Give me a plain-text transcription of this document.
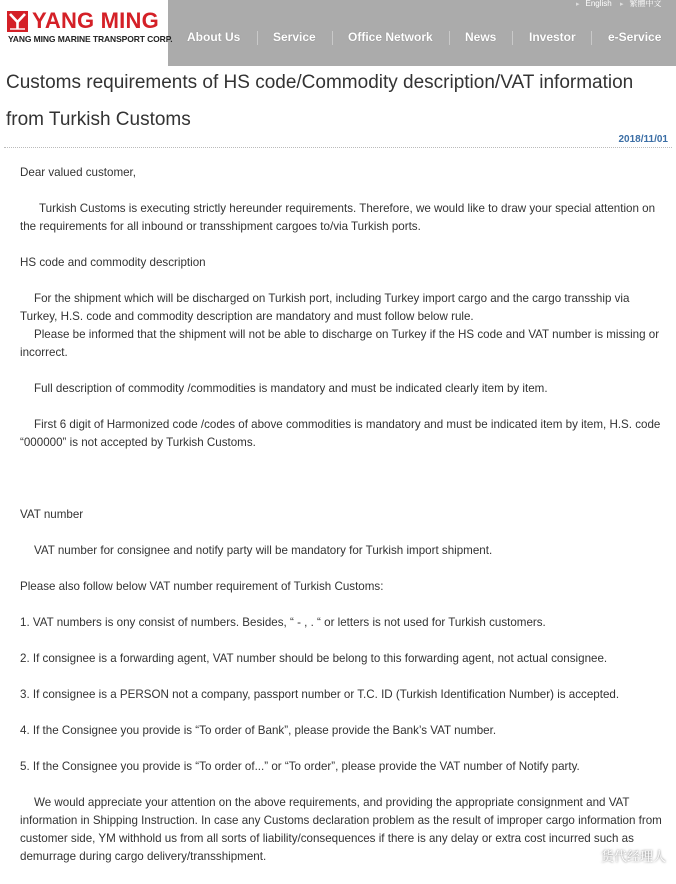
YANG MING
YANG MING MARINE TRANSPORT CORP.
▸ English ▸ 繁體中文
About Us	Service	Office Network	News	Investor	e-Service
Customs requirements of HS code/Commodity description/VAT information from Turkish Customs
2018/11/01

Dear valued customer,

Turkish Customs is executing strictly hereunder requirements. Therefore, we would like to draw your special attention on the requirements for all inbound or transshipment cargoes to/via Turkish ports.

HS code and commodity description

For the shipment which will be discharged on Turkish port, including Turkey import cargo and the cargo transship via Turkey, H.S. code and commodity description are mandatory and must follow below rule.

Please be informed that the shipment will not be able to discharge on Turkey if the HS code and VAT number is missing or incorrect.

Full description of commodity /commodities is mandatory and must be indicated clearly item by item.

First 6 digit of Harmonized code /codes of above commodities is mandatory and must be indicated item by item, H.S. code “000000” is not accepted by Turkish Customs.

VAT number

VAT number for consignee and notify party will be mandatory for Turkish import shipment.

Please also follow below VAT number requirement of Turkish Customs:

1. VAT numbers is ony consist of numbers. Besides, “ - , . “ or letters is not used for Turkish customers.

2. If consignee is a forwarding agent, VAT number should be belong to this forwarding agent, not actual consignee.

3. If consignee is a PERSON not a company, passport number or T.C. ID (Turkish Identification Number) is accepted.

4. If the Consignee you provide is “To order of Bank”, please provide the Bank’s VAT number.

5. If the Consignee you provide is “To order of...” or “To order”, please provide the VAT number of Notify party.

We would appreciate your attention on the above requirements, and providing the appropriate consignment and VAT information in Shipping Instruction. In case any Customs declaration problem as the result of improper cargo information from customer side, YM withhold us from all sorts of liability/consequences if there is any delay or extra cost incurred such as demurrage during cargo delivery/transshipment.	货代经理人
